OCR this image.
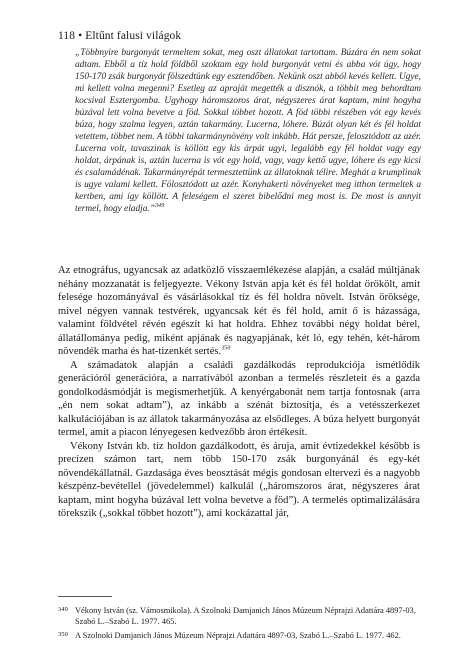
118 • Eltűnt falusi világok
„Többnyire burgonyát termeltem sokat, meg oszt állatokat tartottam. Búzára én nem sokat adtam. Ebből a tíz hold földből szoktam egy hold burgonyát vetni és abba vót úgy, hogy 150-170 zsák burgonyát fölszedtünk egy esztendőben. Nekünk oszt abból kevés kellett. Ugye, mi kellett volna megenni? Esetleg az apraját megették a disznók, a többit meg behordtam kocsival Esztergomba. Ugyhogy háromszoros árat, négyszeres árat kaptam, mint hogyha búzával lett volna bevetve a föd. Sokkal többet hozott. A föd többi részében vót egy kevés búza, hogy szalma legyen, aztán takarmány. Lucerna, lóhere. Búzát olyan két és fél holdat vetettem, többet nem. A többi takarmánynövény volt inkább. Hát persze, felosztódott az azér. Lucerna volt, tavaszinak is köllött egy kis árpát ugyi, legalább egy fél holdat vagy egy holdat, árpának is, aztán lucerna is vót egy hold, vagy, vagy kettő ugye, lóhere és egy kicsi és csalamádénak. Takarmányrépát termesztettünk az állatoknak télire. Meghát a krumplinak is ugye valami kellett. Fölosztódott az azér. Konyhakerti növényeket meg itthon termeltek a kertben, ami így köllött. A feleségem el szeret bibelődni meg most is. De most is annyit termel, hogy eladja.”$^{349}$

Az etnográfus, ugyancsak az adatközlő visszaemlékezése alapján, a család múltjának néhány mozzanatát is feljegyezte. Vékony István apja két és fél holdat örökölt, amit felesége hozományával és vásárlásokkal tíz és fél holdra növelt. István öröksége, mivel négyen vannak testvérek, ugyancsak két és fél hold, amit ő is házassága, valamint földvétel révén egészít ki hat holdra. Ehhez további négy holdat bérel, állatállománya pedig, miként apjának és nagyapjának, két ló, egy tehén, két-három növendék marha és hat-tizenkét sertés.$^{350}$

A számadatok alapján a családi gazdálkodás reprodukciója ismétlődik generációról generációra, a narratívából azonban a termelés részleteit és a gazda gondolkodásmódját is megismerhetjük. A kenyérgabonát nem tartja fontosnak (arra „én nem sokat adtam”), az inkább a szénát biztosítja, és a vetésszerkezet kalkulációjában is az állatok takarmányozása az elsődleges. A búza helyett burgonyát termel, amit a piacon lényegesen kedvezőbb áron értékesít.

Vékony István kb. tíz holdon gazdálkodott, és áruja, amit évtizedekkel később is precízen számon tart, nem több 150-170 zsák burgonyánál és egy-két növendékállatnál. Gazdasága éves beosztását mégis gondosan eltervezi és a nagyobb készpénz-bevétellel (jövedelemmel) kalkulál („háromszoros árat, négyszeres árat kaptam, mint hogyha búzával lett volna bevetve a föd”). A termelés optimalizálására törekszik („sokkal többet hozott”), ami kockázattal jár,

349 Vékony István (sz. Vámosmikola). A Szolnoki Damjanich János Múzeum Néprajzi Adattára 4897-03, Szabó L.–Szabó L. 1977. 465.
350 A Szolnoki Damjanich János Múzeum Néprajzi Adattára 4897-03, Szabó L.–Szabó L. 1977. 462.
